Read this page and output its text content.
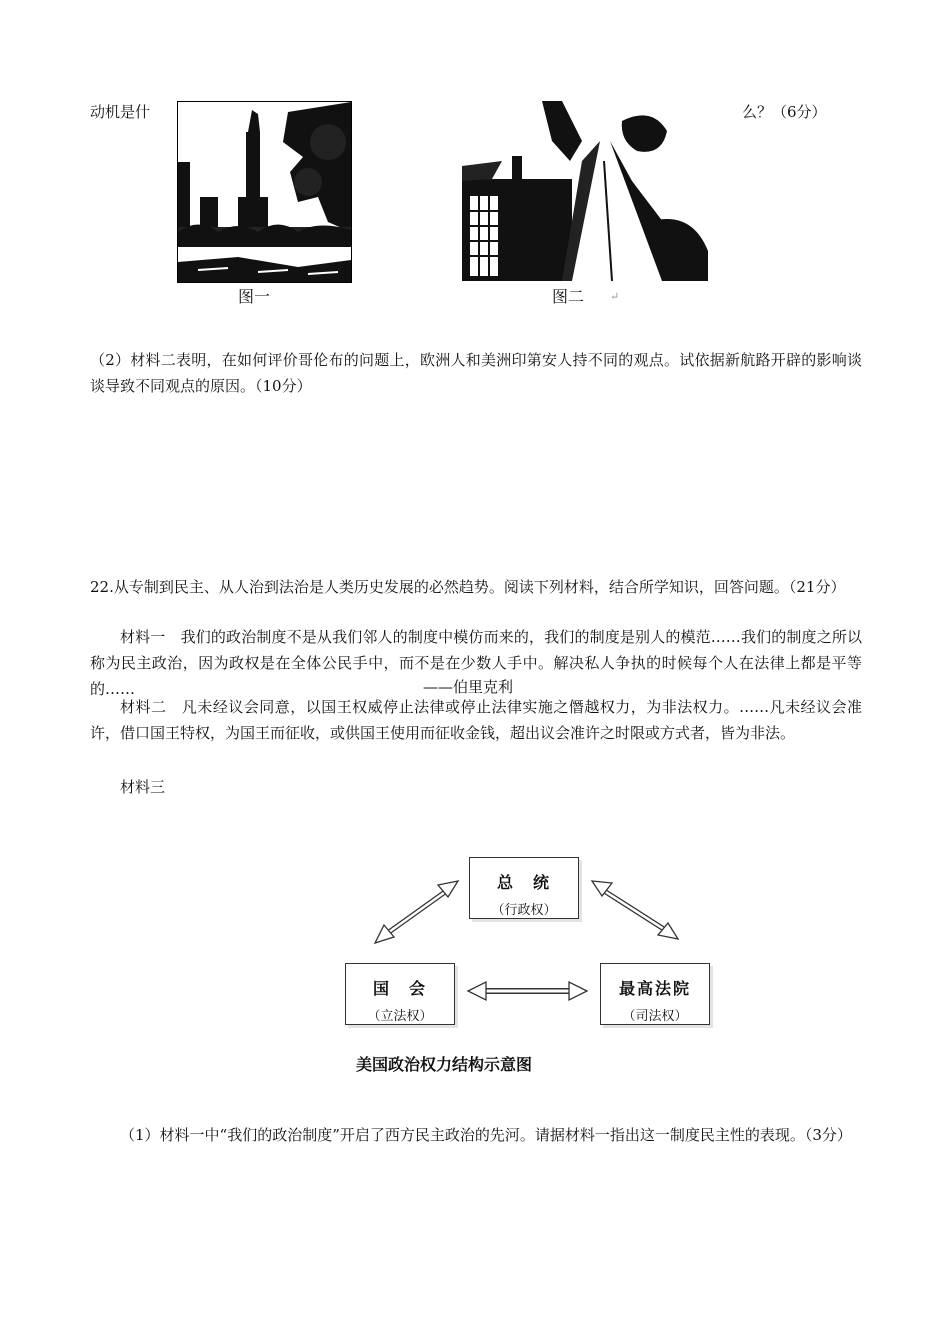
动机是什	么？（6分）
图一	图二 ↵
（2）材料二表明，在如何评价哥伦布的问题上，欧洲人和美洲印第安人持不同的观点。试依据新航路开辟的影响谈谈导致不同观点的原因。（10分）
22.从专制到民主、从人治到法治是人类历史发展的必然趋势。阅读下列材料，结合所学知识，回答问题。（21分）
材料一　我们的政治制度不是从我们邻人的制度中模仿而来的，我们的制度是别人的模范……我们的制度之所以称为民主政治，因为政权是在全体公民手中，而不是在少数人手中。解决私人争执的时候每个人在法律上都是平等的……	——伯里克利
材料二　凡未经议会同意，以国王权威停止法律或停止法律实施之僭越权力，为非法权力。……凡未经议会准许，借口国王特权，为国王而征收，或供国王使用而征收金钱，超出议会准许之时限或方式者，皆为非法。
材料三
总　统
（行政权）
国　会
（立法权）
最高法院
（司法权）
美国政治权力结构示意图
（1）材料一中“我们的政治制度”开启了西方民主政治的先河。请据材料一指出这一制度民主性的表现。（3分）
